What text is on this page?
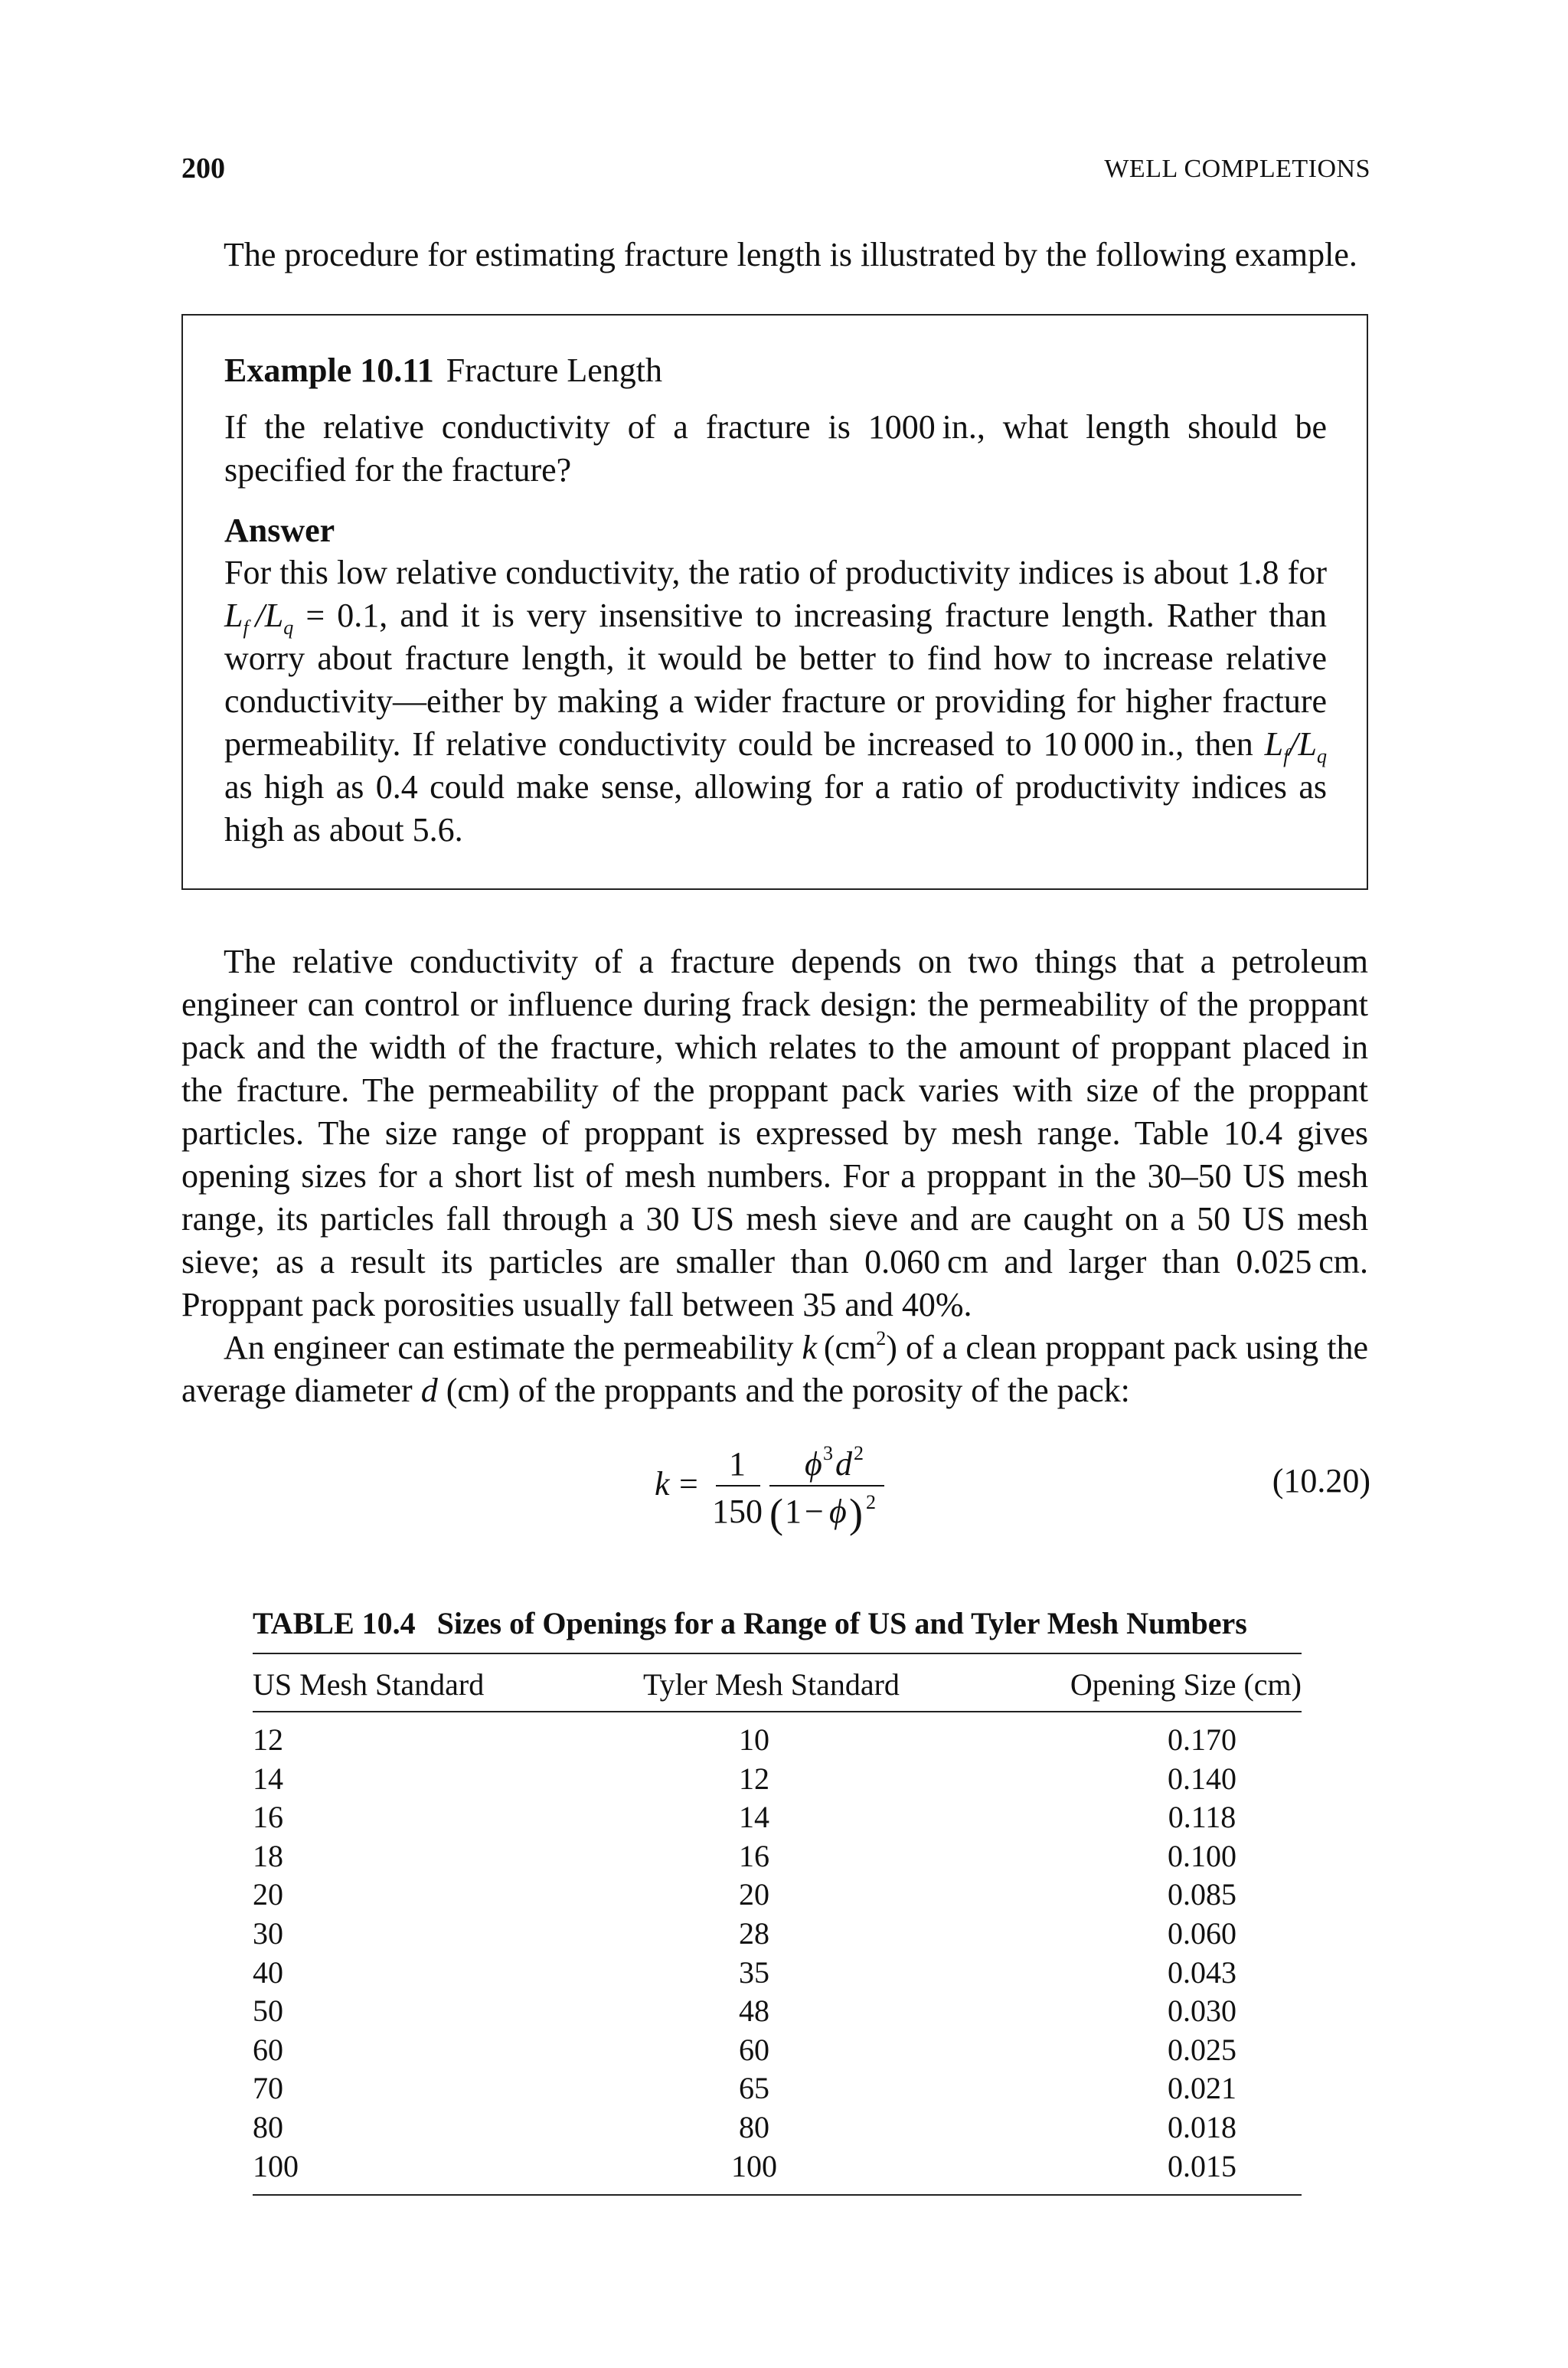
200	WELL COMPLETIONS
The procedure for estimating fracture length is illustrated by the following example.
Example 10.11 Fracture Length
If the relative conductivity of a fracture is 1000 in., what length should be specified for the fracture?
Answer

For this low relative conductivity, the ratio of productivity indices is about 1.8 for $L_f$ $/L_q = 0.1$, and it is very insensitive to increasing fracture length. Rather than worry about fracture length, it would be better to find how to increase relative conductivity—either by making a wider fracture or providing for higher fracture permeability. If relative conductivity could be increased to 10 000 in., then $L_f/L_q$ as high as 0.4 could make sense, allowing for a ratio of productivity indices as high as about 5.6.

The relative conductivity of a fracture depends on two things that a petroleum engineer can control or influence during frack design: the permeability of the proppant pack and the width of the fracture, which relates to the amount of proppant placed in the fracture. The permeability of the proppant pack varies with size of the proppant particles. The size range of proppant is expressed by mesh range. Table 10.4 gives opening sizes for a short list of mesh numbers. For a proppant in the 30–50 US mesh range, its particles fall through a 30 US mesh sieve and are caught on a 50 US mesh sieve; as a result its particles are smaller than 0.060 cm and larger than 0.025 cm. Proppant pack porosities usually fall between 35 and 40%.

An engineer can estimate the permeability k $(cm^2)$ of a clean proppant pack using the average diameter d (cm) of the proppants and the porosity of the pack:

k =
1
150
ϕ 3 d 2
( 1 − ϕ ) 2
(10.20)
TABLE 10.4 Sizes of Openings for a Range of US and Tyler Mesh Numbers
US Mesh Standard	Tyler Mesh Standard	Opening Size (cm)
12	10	0.170
14	12	0.140
16	14	0.118
18	16	0.100
20	20	0.085
30	28	0.060
40	35	0.043
50	48	0.030
60	60	0.025
70	65	0.021
80	80	0.018
100	100	0.015
